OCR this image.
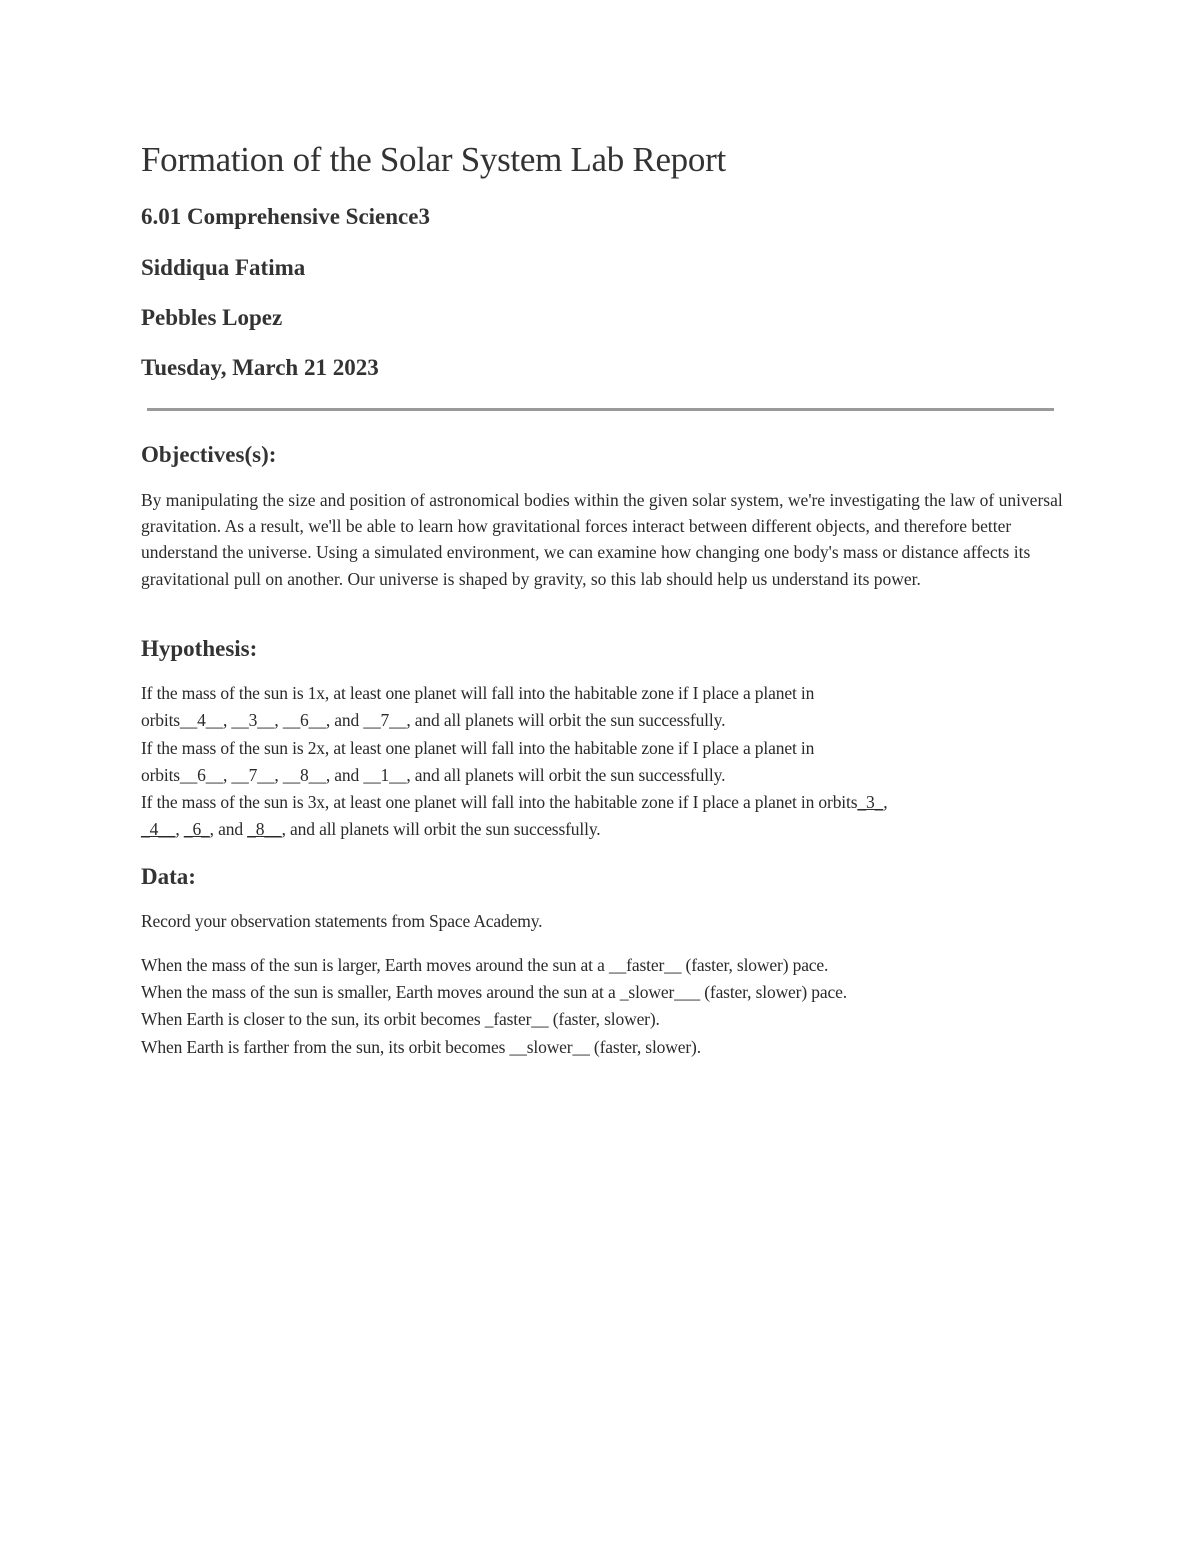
Formation of the Solar System Lab Report
6.01 Comprehensive Science3
Siddiqua Fatima
Pebbles Lopez
Tuesday, March 21 2023
Objectives(s):
By manipulating the size and position of astronomical bodies within the given solar system, we're investigating the law of universal gravitation. As a result, we'll be able to learn how gravitational forces interact between different objects, and therefore better understand the universe. Using a simulated environment, we can examine how changing one body's mass or distance affects its gravitational pull on another. Our universe is shaped by gravity, so this lab should help us understand its power.
Hypothesis:
If the mass of the sun is 1x, at least one planet will fall into the habitable zone if I place a planet in
orbits__4__, __3__, __6__, and __7__, and all planets will orbit the sun successfully.
If the mass of the sun is 2x, at least one planet will fall into the habitable zone if I place a planet in
orbits__6__, __7__, __8__, and __1__, and all planets will orbit the sun successfully.
If the mass of the sun is 3x, at least one planet will fall into the habitable zone if I place a planet in orbits_3_,
_4__, _6_, and _8__, and all planets will orbit the sun successfully.
Data:
Record your observation statements from Space Academy.
When the mass of the sun is larger, Earth moves around the sun at a __faster__ (faster, slower) pace.
When the mass of the sun is smaller, Earth moves around the sun at a _slower___ (faster, slower) pace.
When Earth is closer to the sun, its orbit becomes _faster__ (faster, slower).
When Earth is farther from the sun, its orbit becomes __slower__ (faster, slower).
